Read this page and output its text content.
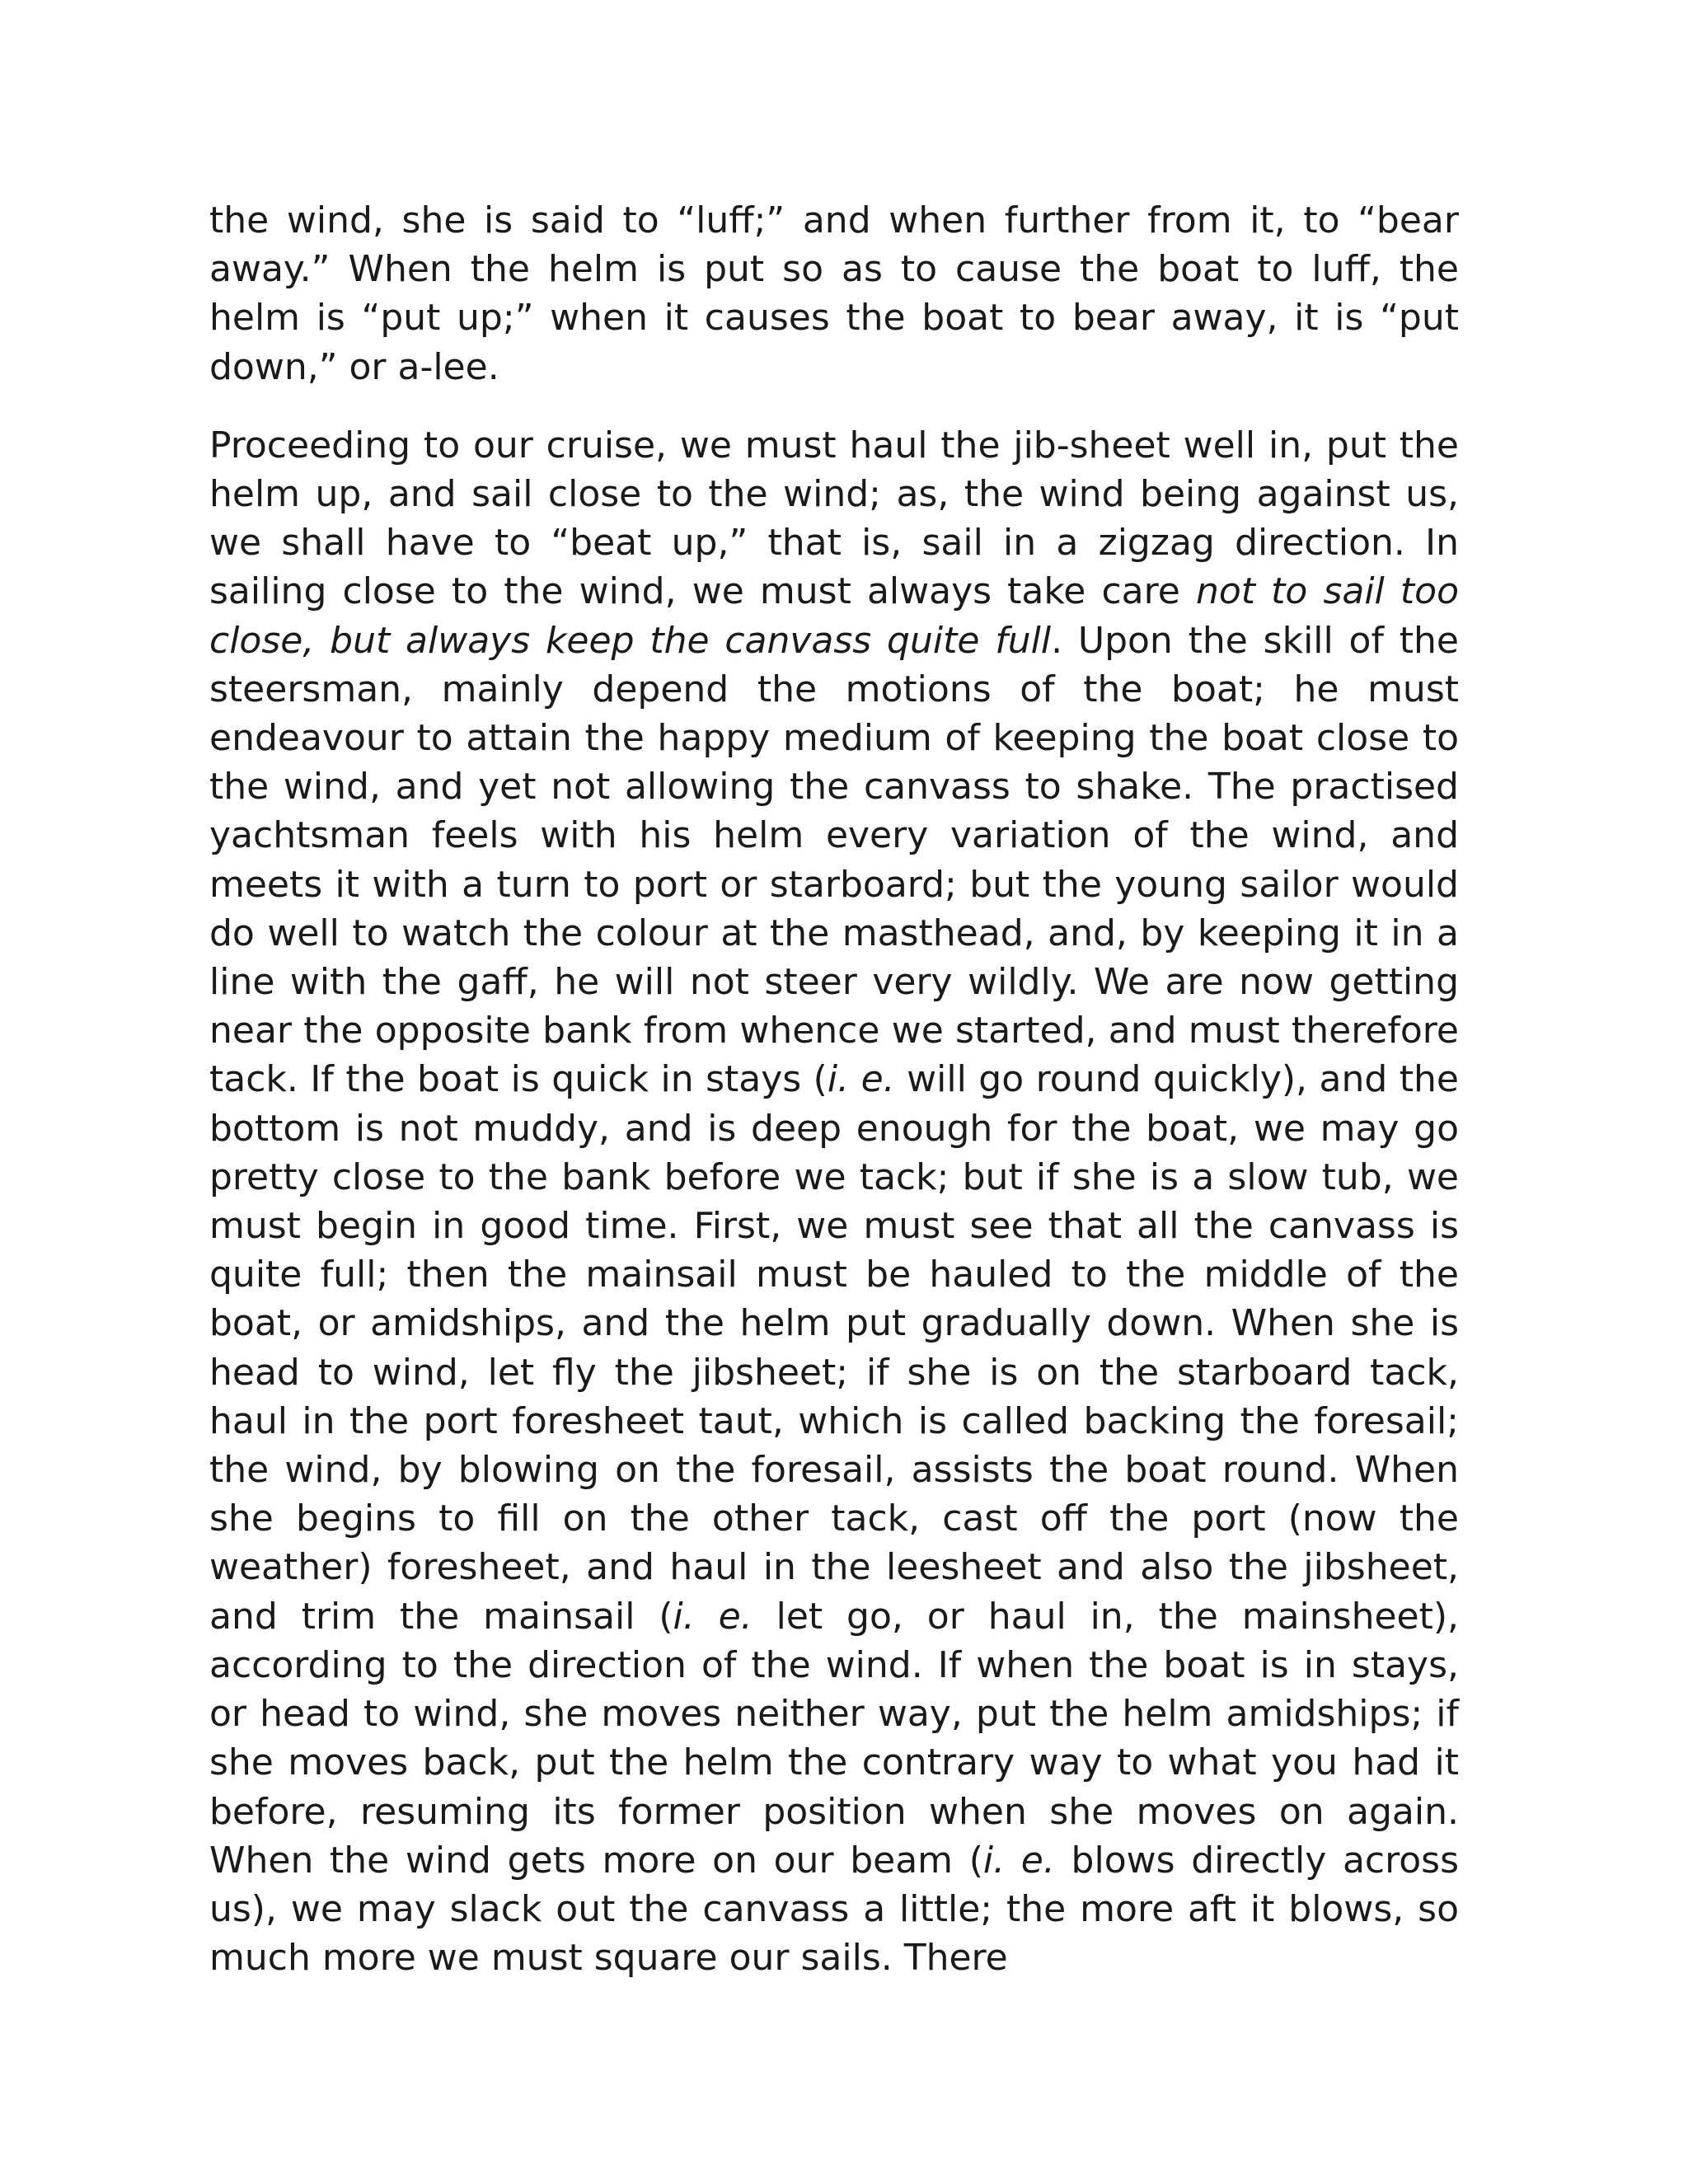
the wind, she is said to “luff;” and when further from it, to “bear away.” When the helm is put so as to cause the boat to luff, the helm is “put up;” when it causes the boat to bear away, it is “put down,” or a-lee.

Proceeding to our cruise, we must haul the jib-sheet well in, put the helm up, and sail close to the wind; as, the wind being against us, we shall have to “beat up,” that is, sail in a zigzag direction. In sailing close to the wind, we must always take care not to sail too close, but always keep the canvass quite full. Upon the skill of the steersman, mainly depend the motions of the boat; he must endeavour to attain the happy medium of keeping the boat close to the wind, and yet not allowing the canvass to shake. The practised yachtsman feels with his helm every variation of the wind, and meets it with a turn to port or starboard; but the young sailor would do well to watch the colour at the masthead, and, by keeping it in a line with the gaff, he will not steer very wildly. We are now getting near the opposite bank from whence we started, and must therefore tack. If the boat is quick in stays (i. e. will go round quickly), and the bottom is not muddy, and is deep enough for the boat, we may go pretty close to the bank before we tack; but if she is a slow tub, we must begin in good time. First, we must see that all the canvass is quite full; then the mainsail must be hauled to the middle of the boat, or amidships, and the helm put gradually down. When she is head to wind, let fly the jibsheet; if she is on the starboard tack, haul in the port foresheet taut, which is called backing the foresail; the wind, by blowing on the foresail, assists the boat round. When she begins to fill on the other tack, cast off the port (now the weather) foresheet, and haul in the leesheet and also the jibsheet, and trim the mainsail (i. e. let go, or haul in, the mainsheet), according to the direction of the wind. If when the boat is in stays, or head to wind, she moves neither way, put the helm amidships; if she moves back, put the helm the contrary way to what you had it before, resuming its former position when she moves on again. When the wind gets more on our beam (i. e. blows directly across us), we may slack out the canvass a little; the more aft it blows, so much more we must square our sails. There
